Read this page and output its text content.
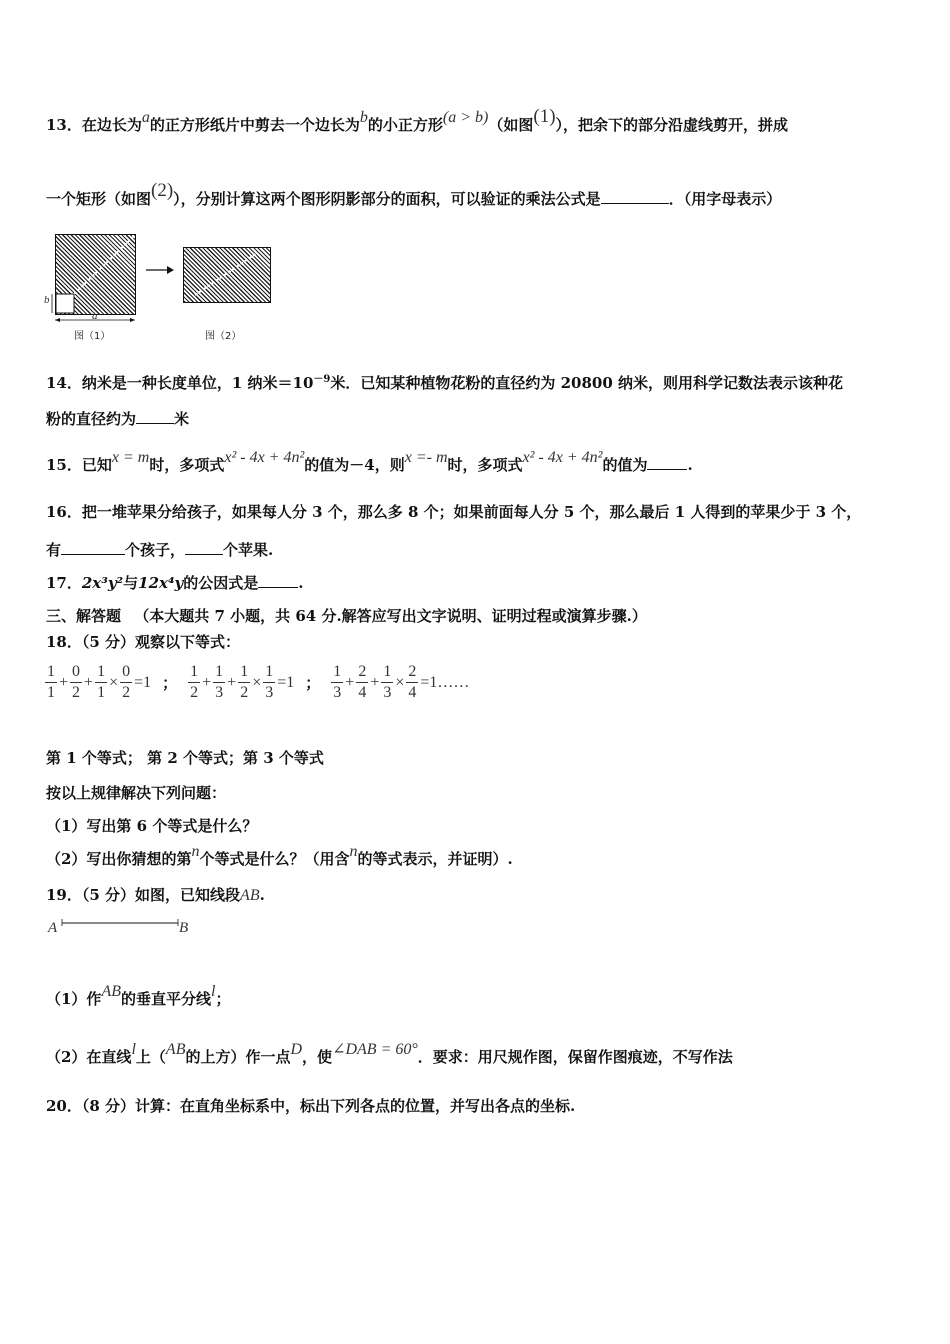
13．在边长为a的正方形纸片中剪去一个边长为b的小正方形(a > b)（如图(1)），把余下的部分沿虚线剪开，拼成
一个矩形（如图(2)），分别计算这两个图形阴影部分的面积，可以验证的乘法公式是	．（用字母表示）
b
a
图（1）	图（2）
14．纳米是一种长度单位，1 纳米$=10^{-9}$米．已知某种植物花粉的直径约为 20800 纳米，则用科学记数法表示该种花
粉的直径约为	米
15．已知x = m时，多项式x² - 4x + 4n²的值为－4，则x =- m时，多项式x² - 4x + 4n²的值为	.
16．把一堆苹果分给孩子，如果每人分 3 个，那么多 8 个；如果前面每人分 5 个，那么最后 1 人得到的苹果少于 3 个，
有	个孩子，	个苹果.
17．2x³y²与12x⁴y的公因式是	.
三、解答题 （本大题共 7 小题，共 64 分.解答应写出文字说明、证明过程或演算步骤.）
18．（5 分）观察以下等式：
$\frac{1}{1} + \frac{0}{2} + \frac{1}{1} \times \frac{0}{2} =1$ ； $\frac{1}{2} + \frac{1}{3} + \frac{1}{2} \times \frac{1}{3} =1$ ； $\frac{1}{3} + \frac{2}{4} + \frac{1}{3} \times \frac{2}{4}$ =1……
第 1 个等式； 第 2 个等式；第 3 个等式
按以上规律解决下列问题：
（1）写出第 6 个等式是什么？
（2）写出你猜想的第n个等式是什么？（用含n的等式表示，并证明）.
19．（5 分）如图，已知线段AB.
A	B
（1）作AB的垂直平分线l；
（2）在直线l上（AB的上方）作一点D，使∠DAB = 60°．要求：用尺规作图，保留作图痕迹，不写作法
20．（8 分）计算：在直角坐标系中，标出下列各点的位置，并写出各点的坐标.
